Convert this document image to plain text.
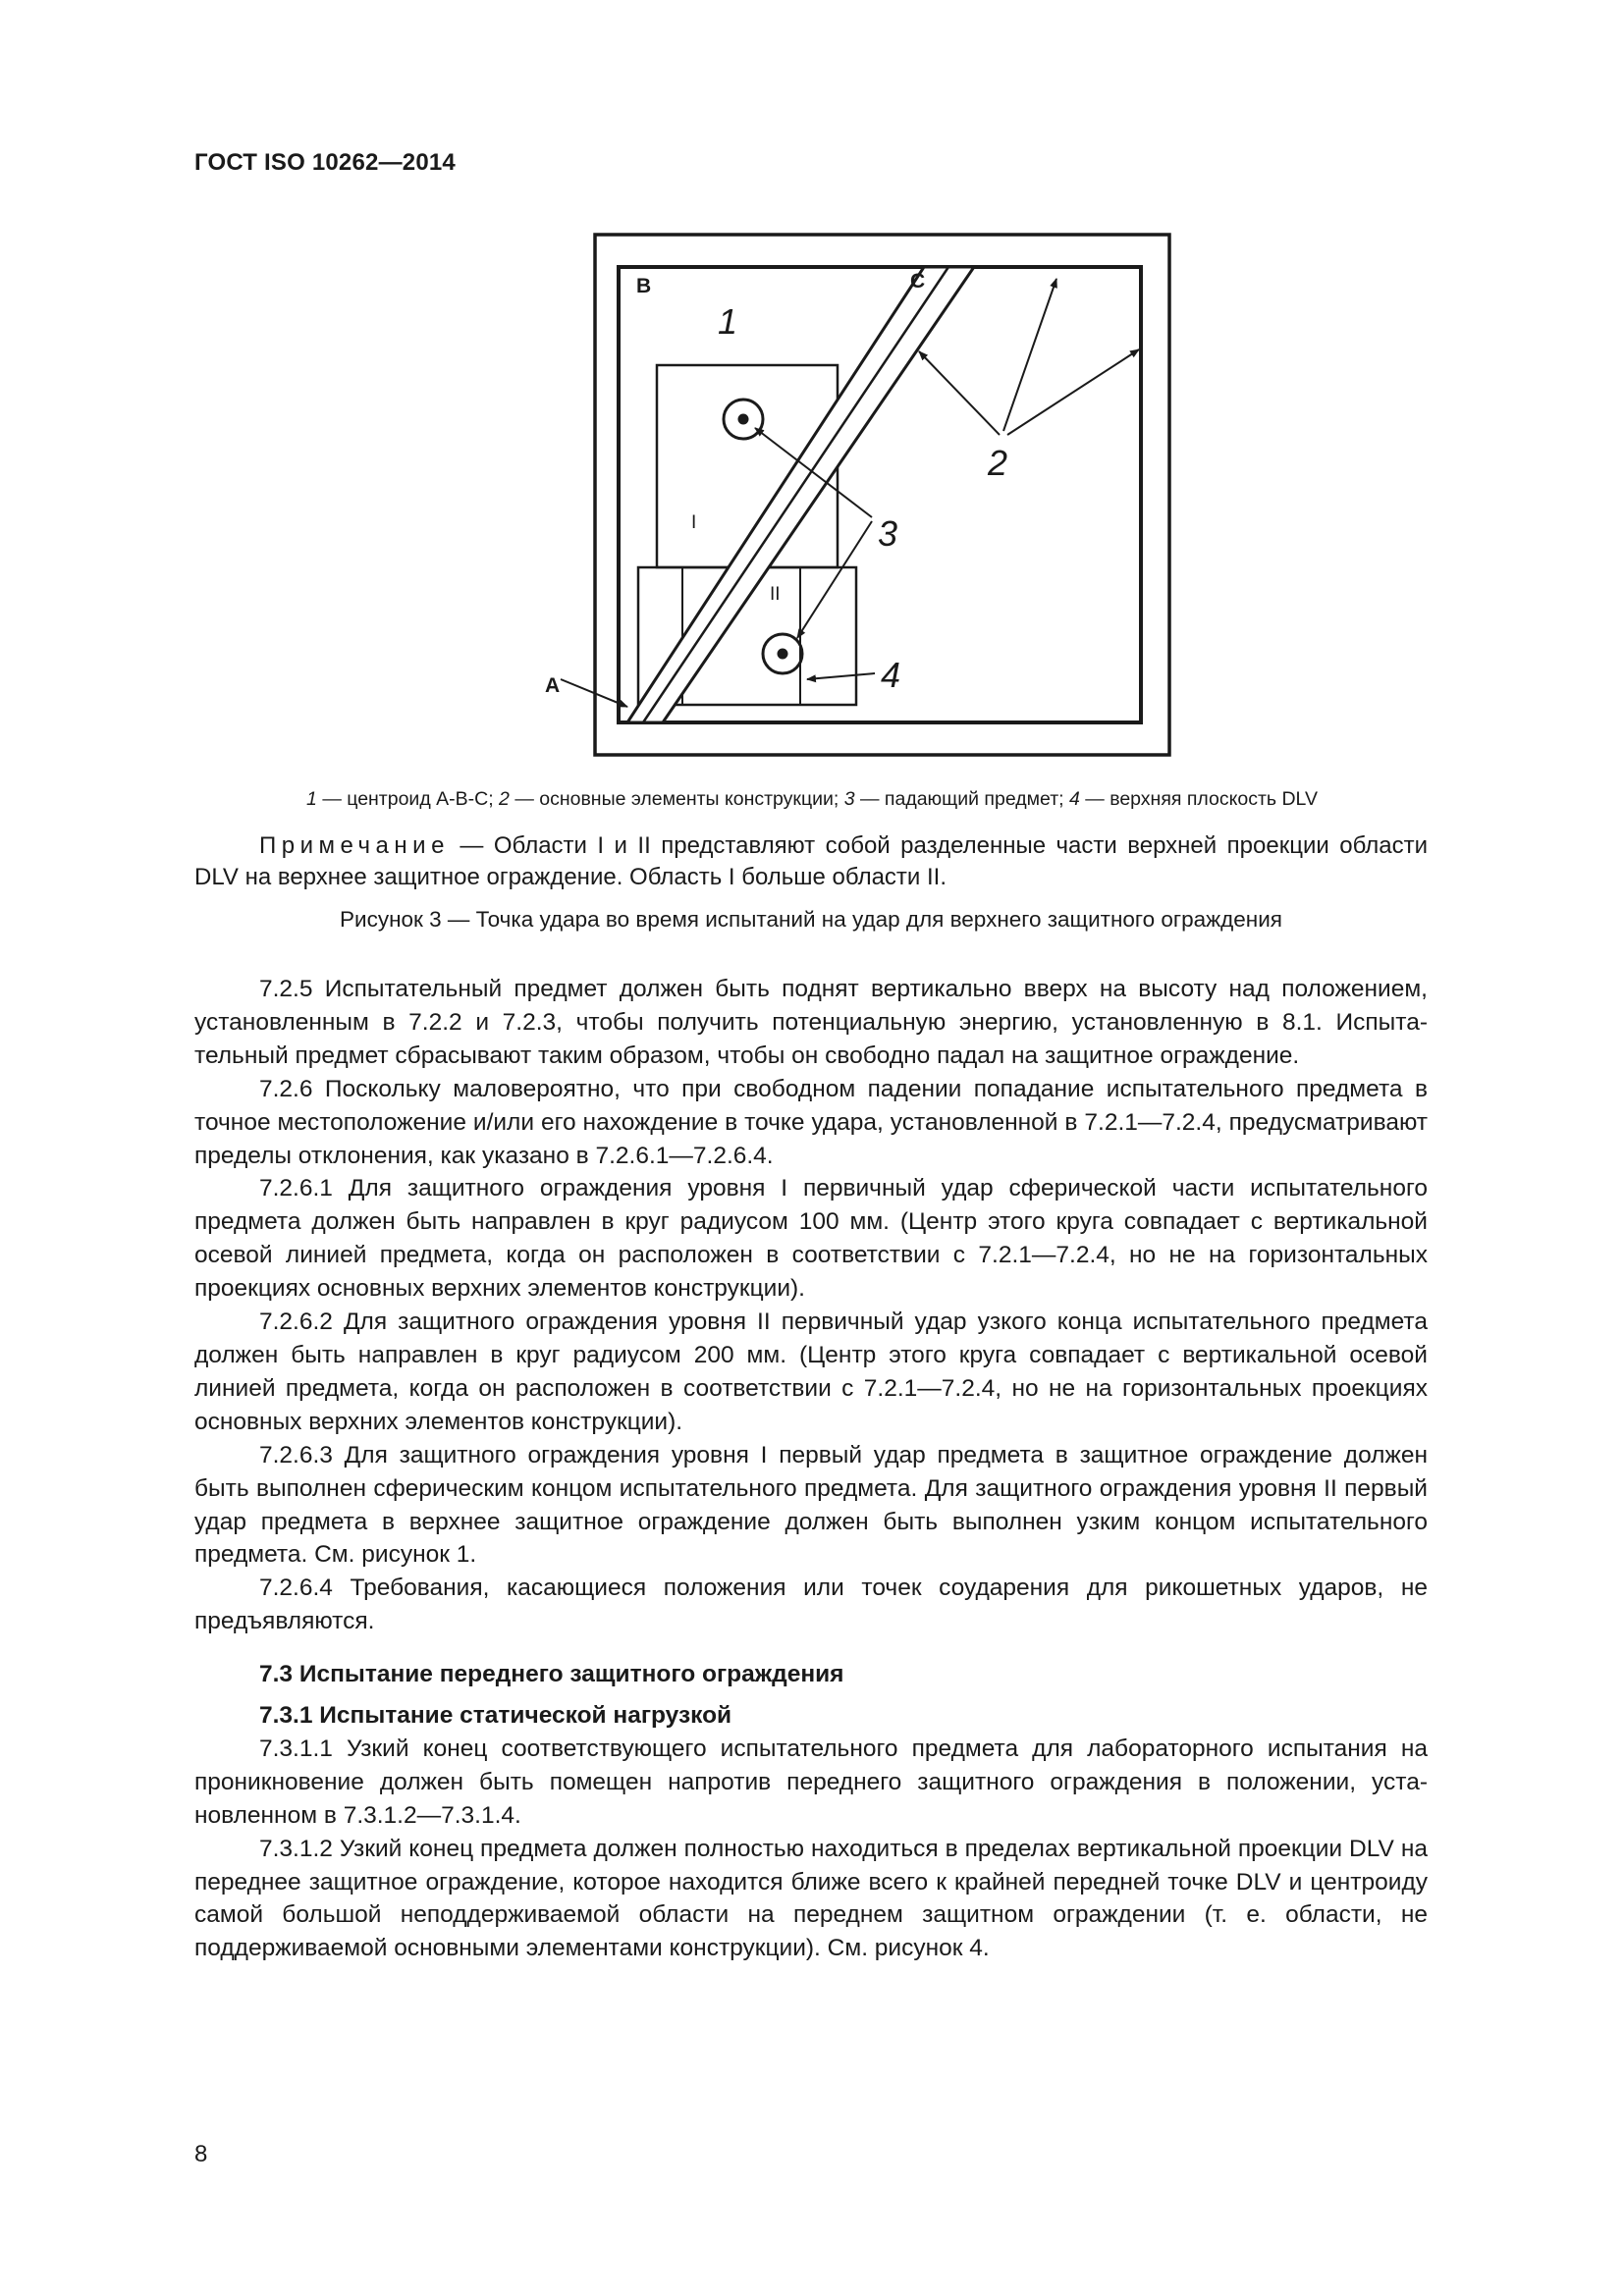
ГОСТ ISO 10262—2014
B	C
A
I
II
1
2
3
4
1 — центроид A-B-C; 2 — основные элементы конструкции; 3 — падающий предмет; 4 — верхняя плоскость DLV
Примечание — Области I и II представляют собой разделенные части верхней проекции области DLV на верхнее защитное ограждение. Область I больше области II.
Рисунок 3 — Точка удара во время испытаний на удар для верхнего защитного ограждения

7.2.5 Испытательный предмет должен быть поднят вертикально вверх на высоту над положением, установленным в 7.2.2 и 7.2.3, чтобы получить потенциальную энергию, установленную в 8.1. Испытательный предмет сбрасывают таким образом, чтобы он свободно падал на защитное ограждение.

7.2.6 Поскольку маловероятно, что при свободном падении попадание испытательного предмета в точное местоположение и/или его нахождение в точке удара, установленной в 7.2.1—7.2.4, предусматривают пределы отклонения, как указано в 7.2.6.1—7.2.6.4.

7.2.6.1 Для защитного ограждения уровня I первичный удар сферической части испытательного предмета должен быть направлен в круг радиусом 100 мм. (Центр этого круга совпадает с вертикальной осевой линией предмета, когда он расположен в соответствии с 7.2.1—7.2.4, но не на горизонтальных проекциях основных верхних элементов конструкции).

7.2.6.2 Для защитного ограждения уровня II первичный удар узкого конца испытательного предмета должен быть направлен в круг радиусом 200 мм. (Центр этого круга совпадает с вертикальной осевой линией предмета, когда он расположен в соответствии с 7.2.1—7.2.4, но не на горизонтальных проекциях основных верхних элементов конструкции).

7.2.6.3 Для защитного ограждения уровня I первый удар предмета в защитное ограждение должен быть выполнен сферическим концом испытательного предмета. Для защитного ограждения уровня II первый удар предмета в верхнее защитное ограждение должен быть выполнен узким концом испытательного предмета. См. рисунок 1.

7.2.6.4 Требования, касающиеся положения или точек соударения для рикошетных ударов, не предъявляются.

7.3 Испытание переднего защитного ограждения
7.3.1 Испытание статической нагрузкой

7.3.1.1 Узкий конец соответствующего испытательного предмета для лабораторного испытания на проникновение должен быть помещен напротив переднего защитного ограждения в положении, установленном в 7.3.1.2—7.3.1.4.

7.3.1.2 Узкий конец предмета должен полностью находиться в пределах вертикальной проекции DLV на переднее защитное ограждение, которое находится ближе всего к крайней передней точке DLV и центроиду самой большой неподдерживаемой области на переднем защитном ограждении (т. е. области, не поддерживаемой основными элементами конструкции). См. рисунок 4.

8
